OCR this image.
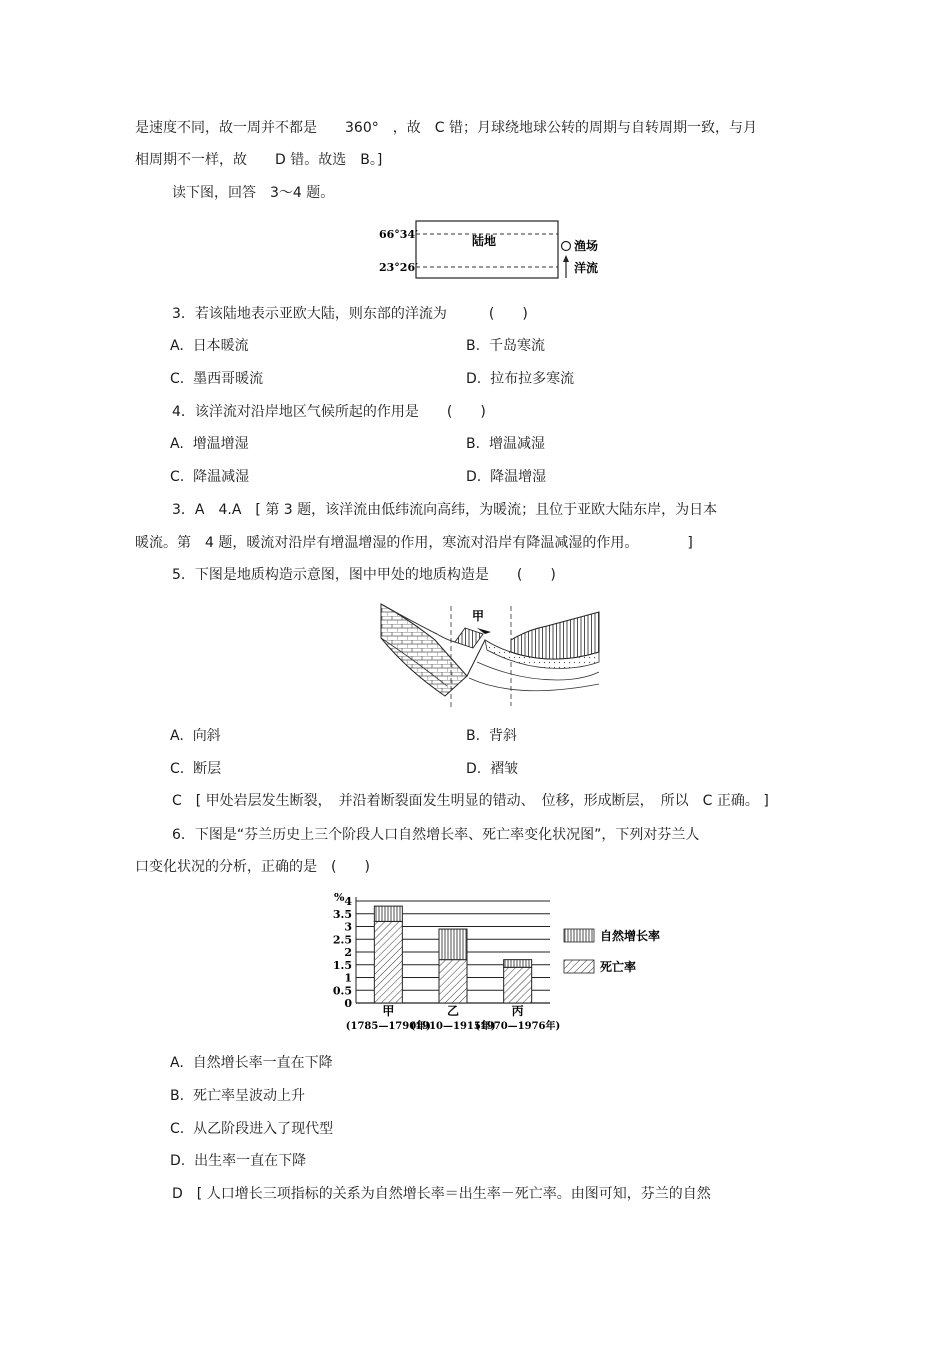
是速度不同，故一周并不都是　　360°　，故　C 错；月球绕地球公转的周期与自转周期一致，与月
相周期不一样，故　　D 错。故选　B。]
读下图，回答　3～4 题。
66°34′
23°26′
陆地	渔场
洋流
3．若该陆地表示亚欧大陆，则东部的洋流为　　　(　　)
A. 日本暖流	B. 千岛寒流
C. 墨西哥暖流	D. 拉布拉多寒流
4．该洋流对沿岸地区气候所起的作用是　　(　　)
A. 增温增湿	B. 增温减湿
C. 降温减湿	D. 降温增湿
3．A　4.A　[ 第 3 题，该洋流由低纬流向高纬，为暖流；且位于亚欧大陆东岸，为日本
暖流。第　4 题，暖流对沿岸有增温增湿的作用，寒流对沿岸有降温减湿的作用。　　　　]
5．下图是地质构造示意图，图中甲处的地质构造是　　(　　)
甲
A. 向斜	B. 背斜
C. 断层	D. 褶皱
C　[ 甲处岩层发生断裂，　并沿着断裂面发生明显的错动、　位移，形成断层，　所以　C 正确。 ]
6．下图是“芬兰历史上三个阶段人口自然增长率、死亡率变化状况图”，下列对芬兰人
口变化状况的分析，正确的是　(　　)
0
0.5
1
1.5
2
2.5
3
3.5
4
甲
(1785—1790年)
乙
(1910—1915年)
丙
(1970—1976年)
%
自然增长率
死亡率
A. 自然增长率一直在下降
B. 死亡率呈波动上升
C. 从乙阶段进入了现代型
D. 出生率一直在下降
D　[ 人口增长三项指标的关系为自然增长率＝出生率－死亡率。由图可知，芬兰的自然
